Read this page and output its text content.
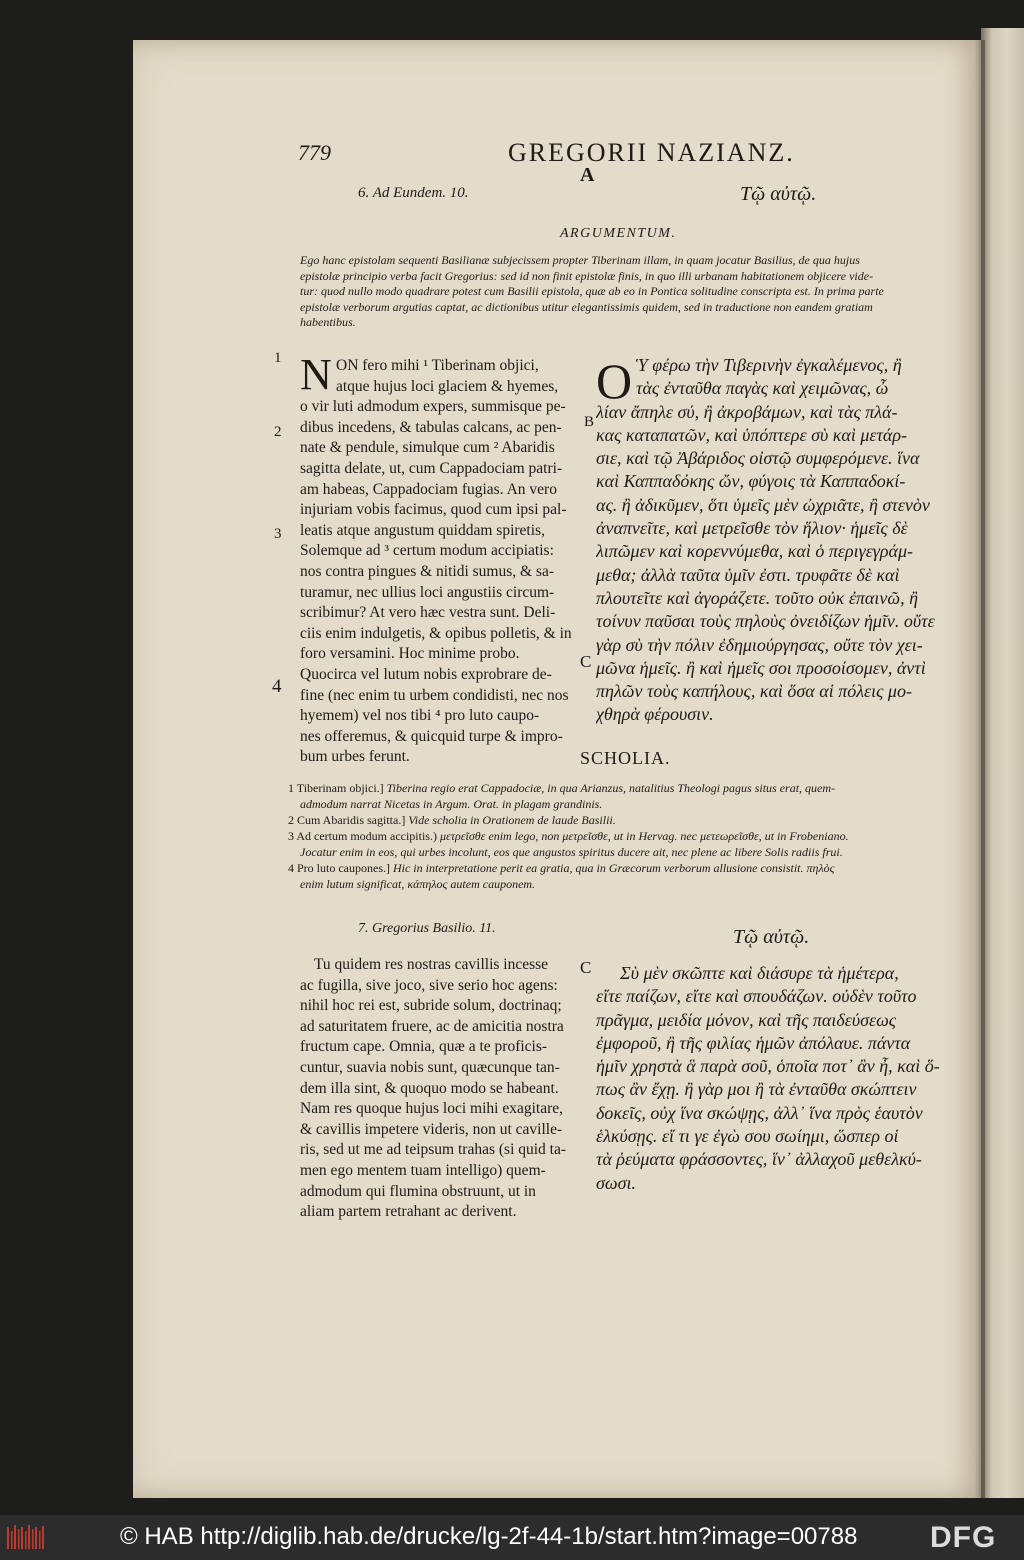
779	GREGORII NAZIANZ.
A
6. Ad Eundem. 10.	Τῷ αὐτῷ.
ARGUMENTUM.
Ego hanc epistolam sequenti Basilianæ subjecissem propter Tiberinam illam, in quam jocatur Basilius, de qua hujus
epistolæ principio verba facit Gregorius: sed id non finit epistolæ finis, in quo illi urbanam habitationem objicere vide-
tur: quod nullo modo quadrare potest cum Basilii epistola, quæ ab eo in Pontica solitudine conscripta est. In prima parte
epistolæ verborum argutias captat, ac dictionibus utitur elegantissimis quidem, sed in traductione non eandem gratiam
habentibus.
1
2
3
4
N ON fero mihi ¹ Tiberinam objici,
atque hujus loci glaciem & hyemes,
o vir luti admodum expers, summisque pe-
dibus incedens, & tabulas calcans, ac pen-
nate & pendule, simulque cum ² Abaridis
sagitta delate, ut, cum Cappadociam patri-
am habeas, Cappadociam fugias. An vero
injuriam vobis facimus, quod cum ipsi pal-
leatis atque angustum quiddam spiretis,
Solemque ad ³ certum modum accipiatis:
nos contra pingues & nitidi sumus, & sa-
turamur, nec ullius loci angustiis circum-
scribimur? At vero hæc vestra sunt. Deli-
ciis enim indulgetis, & opibus polletis, & in
foro versamini. Hoc minime probo.
Quocirca vel lutum nobis exprobrare de-
fine (nec enim tu urbem condidisti, nec nos
hyemem) vel nos tibi ⁴ pro luto caupo-
nes offeremus, & quicquid turpe & impro-
bum urbes ferunt.
B
C
O Ὑ φέρω τὴν Τιβερινὴν ἐγκαλέμενος, ἢ
τὰς ἐνταῦθα παγὰς καὶ χειμῶνας, ὦ
λίαν ἄπηλε σύ, ἢ ἀκροβάμων, καὶ τὰς πλά-
κας καταπατῶν, καὶ ὑπόπτερε σὺ καὶ μετάρ-
σιε, καὶ τῷ Ἀβάριδος οἰστῷ συμφερόμενε. ἵνα
καὶ Καππαδόκης ὤν, φύγοις τὰ Καππαδοκί-
ας. ἢ ἀδικῦμεν, ὅτι ὑμεῖς μὲν ὠχριᾶτε, ἢ στενὸν
ἀναπνεῖτε, καὶ μετρεῖσθε τὸν ἥλιον· ἡμεῖς δὲ
λιπῶμεν καὶ κορεννύμεθα, καὶ ὁ περιγεγράμ-
μεθα; ἀλλὰ ταῦτα ὑμῖν ἐστι. τρυφᾶτε δὲ καὶ
πλουτεῖτε καὶ ἀγοράζετε. τοῦτο οὐκ ἐπαινῶ, ἢ
τοίνυν παῦσαι τοὺς πηλοὺς ὀνειδίζων ἡμῖν. οὔτε
γὰρ σὺ τὴν πόλιν ἐδημιούργησας, οὔτε τὸν χει-
μῶνα ἡμεῖς. ἢ καὶ ἡμεῖς σοι προσοίσομεν, ἀντὶ
πηλῶν τοὺς καπήλους, καὶ ὅσα αἱ πόλεις μο-
χθηρὰ φέρουσιν.
SCHOLIA.
1 Tiberinam objici.] Tiberina regio erat Cappadociæ, in qua Arianzus, natalitius Theologi pagus situs erat, quem-
admodum narrat Nicetas in Argum. Orat. in plagam grandinis.
2 Cum Abaridis sagitta.] Vide scholia in Orationem de laude Basilii.
3 Ad certum modum accipitis.) μετρεῖσθε enim lego, non μετρεῖσθε, ut in Hervag. nec μετεωρεῖσθε, ut in Frobeniano.
Jocatur enim in eos, qui urbes incolunt, eos que angustos spiritus ducere ait, nec plene ac libere Solis radiis frui.
4 Pro luto caupones.] Hic in interpretatione perit ea gratia, qua in Græcorum verborum allusione consistit. πηλὸς
enim lutum significat, κάπηλος autem cauponem.
7. Gregorius Basilio. 11.	Τῷ αὐτῷ.
C
Tu quidem res nostras cavillis incesse
ac fugilla, sive joco, sive serio hoc agens:
nihil hoc rei est, subride solum, doctrinaq;
ad saturitatem fruere, ac de amicitia nostra
fructum cape. Omnia, quæ a te proficis-
cuntur, suavia nobis sunt, quæcunque tan-
dem illa sint, & quoquo modo se habeant.
Nam res quoque hujus loci mihi exagitare,
& cavillis impetere videris, non ut caville-
ris, sed ut me ad teipsum trahas (si quid ta-
men ego mentem tuam intelligo) quem-
admodum qui flumina obstruunt, ut in
aliam partem retrahant ac derivent.
Σὺ μὲν σκῶπτε καὶ διάσυρε τὰ ἡμέτερα,
εἴτε παίζων, εἴτε καὶ σπουδάζων. οὐδὲν τοῦτο
πρᾶγμα, μειδία μόνον, καὶ τῆς παιδεύσεως
ἐμφοροῦ, ἢ τῆς φιλίας ἡμῶν ἀπόλαυε. πάντα
ἡμῖν χρηστὰ ἃ παρὰ σοῦ, ὁποῖα ποτ᾽ ἂν ἦ, καὶ ὅ-
πως ἂν ἔχῃ. ἢ γὰρ μοι ἢ τὰ ἐνταῦθα σκώπτειν
δοκεῖς, οὐχ ἵνα σκώψῃς, ἀλλ᾽ ἵνα πρὸς ἑαυτὸν
ἑλκύσῃς. εἴ τι γε ἐγὼ σου σωίημι, ὥσπερ οἱ
τὰ ῥεύματα φράσσοντες, ἵν᾽ ἀλλαχοῦ μεθελκύ-
σωσι.
© HAB http://diglib.hab.de/drucke/lg-2f-44-1b/start.htm?image=00788 DFG
